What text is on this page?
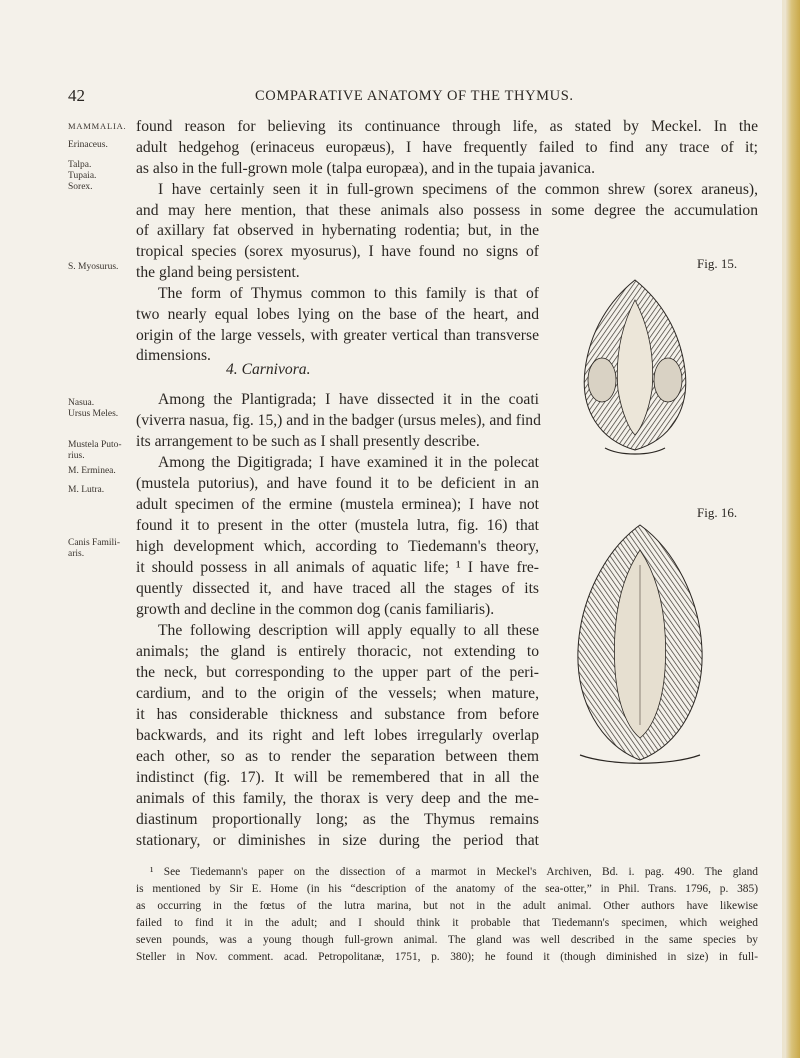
42	COMPARATIVE ANATOMY OF THE THYMUS.
MAMMALIA.
Erinaceus.
Talpa.
Tupaia.
Sorex.
S. Myosurus.
Nasua.
Ursus Meles.
Mustela Puto-
rius.
M. Erminea.
M. Lutra.
Canis Famili-
aris.
found reason for believing its continuance through life, as stated by Meckel. In the
adult hedgehog (erinaceus europæus), I have frequently failed to find any trace of it;
as also in the full-grown mole (talpa europæa), and in the tupaia javanica.
I have certainly seen it in full-grown specimens of the common shrew (sorex araneus),
and may here mention, that these animals also possess in some degree the accumulation
of axillary fat observed in hybernating rodentia; but, in the
tropical species (sorex myosurus), I have found no signs of
the gland being persistent.
The form of Thymus common to this family is that of
two nearly equal lobes lying on the base of the heart, and
origin of the large vessels, with greater vertical than transverse
dimensions.
4. Carnivora.
Among the Plantigrada; I have dissected it in the coati
(viverra nasua, fig. 15,) and in the badger (ursus meles), and find
its arrangement to be such as I shall presently describe.
Among the Digitigrada; I have examined it in the polecat
(mustela putorius), and have found it to be deficient in an
adult specimen of the ermine (mustela erminea); I have not
found it to present in the otter (mustela lutra, fig. 16) that
high development which, according to Tiedemann's theory,
it should possess in all animals of aquatic life; ¹ I have fre-
quently dissected it, and have traced all the stages of its
growth and decline in the common dog (canis familiaris).
The following description will apply equally to all these
animals; the gland is entirely thoracic, not extending to
the neck, but corresponding to the upper part of the peri-
cardium, and to the origin of the vessels; when mature,
it has considerable thickness and substance from before
backwards, and its right and left lobes irregularly overlap
each other, so as to render the separation between them
indistinct (fig. 17). It will be remembered that in all the
animals of this family, the thorax is very deep and the me-
diastinum proportionally long; as the Thymus remains
stationary, or diminishes in size during the period that
Fig. 15.
Fig. 16.
¹ See Tiedemann's paper on the dissection of a marmot in Meckel's Archiven, Bd. i. pag. 490. The gland
is mentioned by Sir E. Home (in his “description of the anatomy of the sea-otter,” in Phil. Trans. 1796, p. 385)
as occurring in the fœtus of the lutra marina, but not in the adult animal. Other authors have likewise
failed to find it in the adult; and I should think it probable that Tiedemann's specimen, which weighed
seven pounds, was a young though full-grown animal. The gland was well described in the same species by
Steller in Nov. comment. acad. Petropolitanæ, 1751, p. 380); he found it (though diminished in size) in full-
